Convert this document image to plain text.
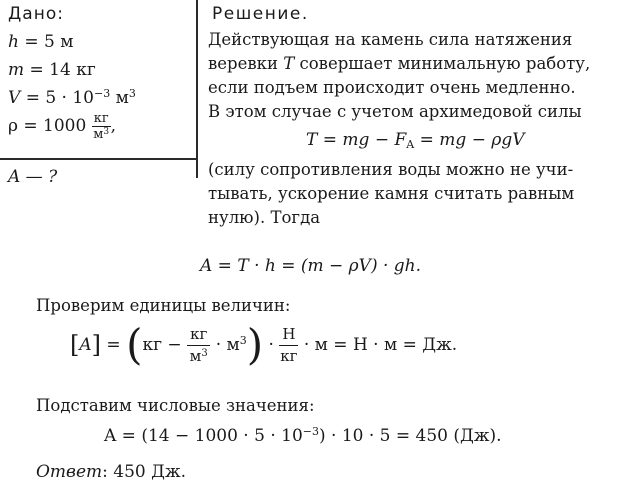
Дано:
h = 5 м
m = 14 кг
$V = 5 \cdot 10^{-3}$ $м^3$
$\rho = 1000 \frac{кг}{м^3}$ ,
A — ?
Решение.
Действующая на камень сила натяжения
веревки T совершает минимальную работу,
если подъем происходит очень медленно.
В этом случае с учетом архимедовой силы
T = mg − $F_A$ = mg − ρgV
(силу сопротивления воды можно не учи-
тывать, ускорение камня считать равным
нулю). Тогда
A = T · h = (m − ρV) · gh.
Проверим единицы величин:
[ A ] = ( кг − $\frac{кг}{м^3} \cdot м^3$ ) · $\frac{Н}{кг} \cdot м = Н \cdot м$ = Дж.
Подставим числовые значения:
$A = (14 - 1000 \cdot 5 \cdot 10^{-3}) \cdot 10 \cdot 5 = 450$ (Дж).
Ответ: 450 Дж.
